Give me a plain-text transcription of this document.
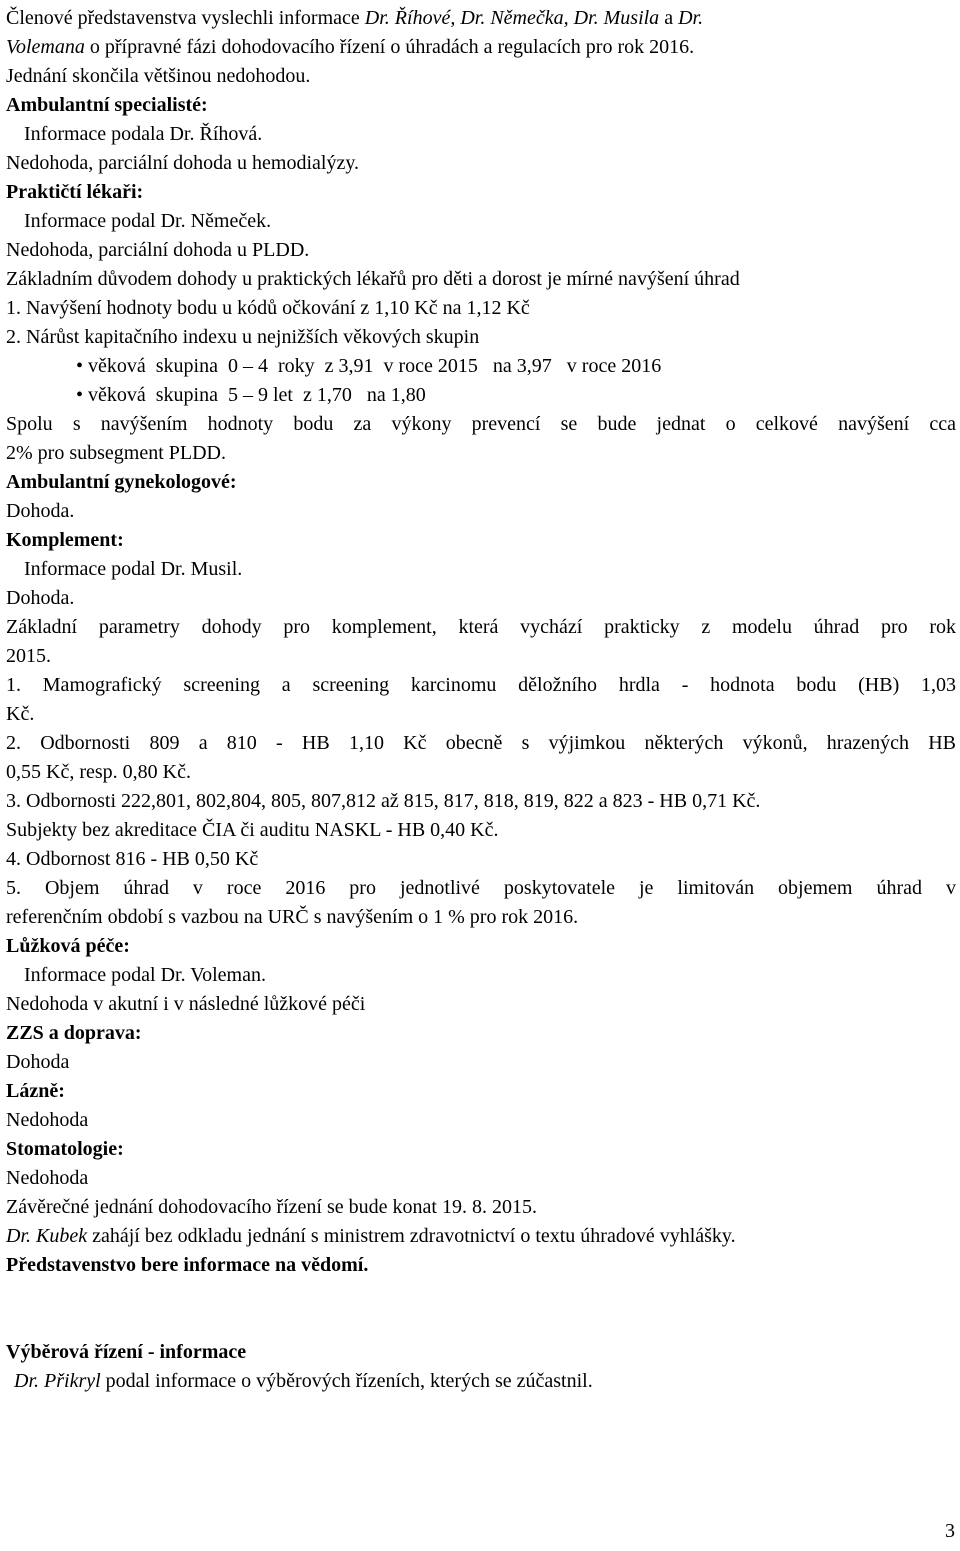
Členové představenstva vyslechli informace Dr. Říhové, Dr. Němečka, Dr. Musila a Dr.

Volemana o přípravné fázi dohodovacího řízení o úhradách a regulacích pro rok 2016.

Jednání skončila většinou nedohodou.

Ambulantní specialisté:

Informace podala Dr. Říhová.

Nedohoda, parciální dohoda u hemodialýzy.

Praktičtí lékaři:

Informace podal Dr. Němeček.

Nedohoda, parciální dohoda u PLDD.

Základním důvodem dohody u praktických lékařů pro děti a dorost je mírné navýšení úhrad

1. Navýšení hodnoty bodu u kódů očkování z 1,10 Kč na 1,12 Kč

2. Nárůst kapitačního indexu u nejnižších věkových skupin

• věková  skupina  0 – 4  roky  z 3,91  v roce 2015   na 3,97   v roce 2016

• věková  skupina  5 – 9 let  z 1,70   na 1,80

Spolu s navýšením hodnoty bodu za výkony prevencí se bude jednat o celkové navýšení cca

2% pro subsegment PLDD.

Ambulantní gynekologové:

Dohoda.

Komplement:

Informace podal Dr. Musil.

Dohoda.

Základní parametry dohody pro komplement, která vychází prakticky z modelu úhrad pro rok

2015.

1. Mamografický screening a screening karcinomu děložního hrdla - hodnota bodu (HB) 1,03

Kč.

2. Odbornosti 809 a 810 - HB 1,10 Kč obecně s výjimkou některých výkonů, hrazených HB

0,55 Kč, resp. 0,80 Kč.

3. Odbornosti 222,801, 802,804, 805, 807,812 až 815, 817, 818, 819, 822 a 823 - HB 0,71 Kč.

Subjekty bez akreditace ČIA či auditu NASKL - HB 0,40 Kč.

4. Odbornost 816 - HB 0,50 Kč

5. Objem úhrad v roce 2016 pro jednotlivé poskytovatele je limitován objemem úhrad v

referenčním období s vazbou na URČ s navýšením o 1 % pro rok 2016.

Lůžková péče:

Informace podal Dr. Voleman.

Nedohoda v akutní i v následné lůžkové péči

ZZS a doprava:

Dohoda

Lázně:

Nedohoda

Stomatologie:

Nedohoda

Závěrečné jednání dohodovacího řízení se bude konat 19. 8. 2015.

Dr. Kubek zahájí bez odkladu jednání s ministrem zdravotnictví o textu úhradové vyhlášky.

Představenstvo bere informace na vědomí.

Výběrová řízení - informace

Dr. Přikryl podal informace o výběrových řízeních, kterých se zúčastnil.

3
